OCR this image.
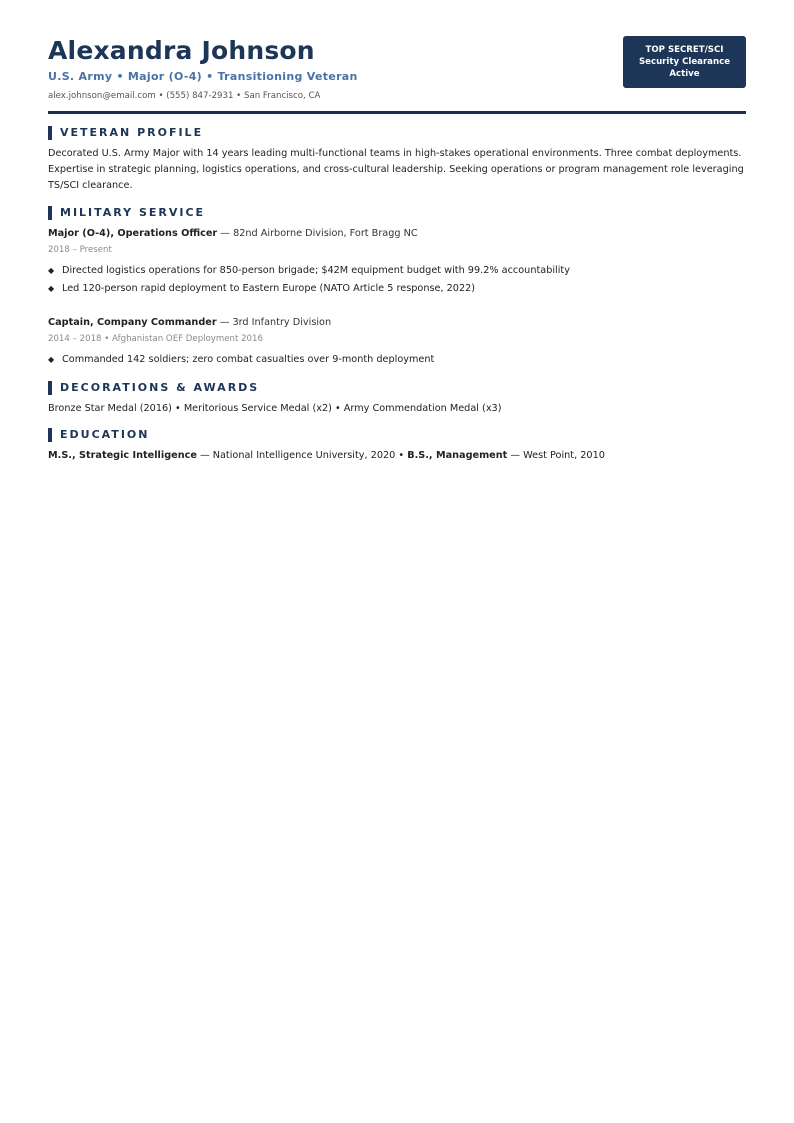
Alexandra Johnson
U.S. Army • Major (O-4) • Transitioning Veteran
alex.johnson@email.com • (555) 847-2931 • San Francisco, CA
TOP SECRET/SCI
Security Clearance
Active
VETERAN PROFILE
Decorated U.S. Army Major with 14 years leading multi-functional teams in high-stakes operational environments. Three combat deployments. Expertise in strategic planning, logistics operations, and cross-cultural leadership. Seeking operations or program management role leveraging TS/SCI clearance.
MILITARY SERVICE
Major (O-4), Operations Officer — 82nd Airborne Division, Fort Bragg NC
2018 – Present
◆ Directed logistics operations for 850-person brigade; $42M equipment budget with 99.2% accountability
◆ Led 120-person rapid deployment to Eastern Europe (NATO Article 5 response, 2022)
Captain, Company Commander — 3rd Infantry Division
2014 – 2018 • Afghanistan OEF Deployment 2016
◆ Commanded 142 soldiers; zero combat casualties over 9-month deployment
DECORATIONS & AWARDS
Bronze Star Medal (2016) • Meritorious Service Medal (x2) • Army Commendation Medal (x3)
EDUCATION
M.S., Strategic Intelligence — National Intelligence University, 2020 • B.S., Management — West Point, 2010
